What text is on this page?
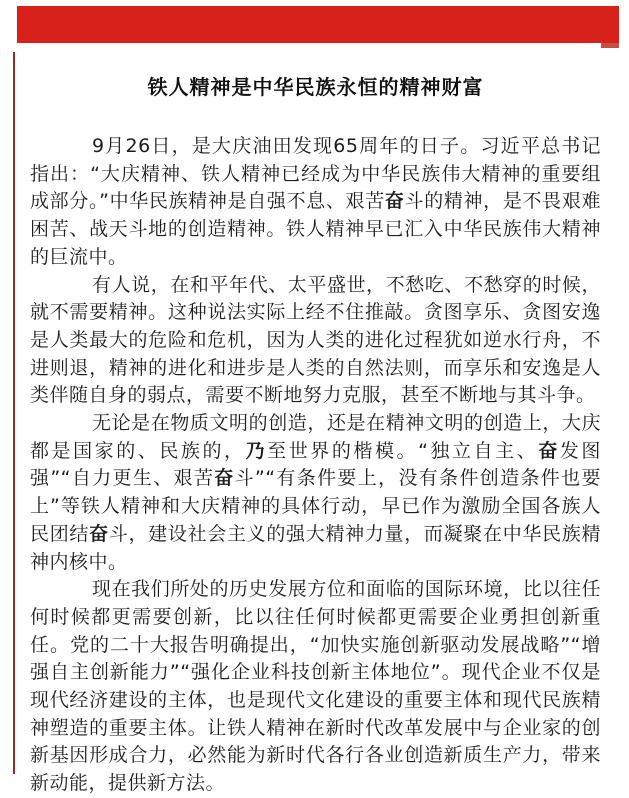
铁人精神是中华民族永恒的精神财富

9月26日，是大庆油田发现65周年的日子。习近平总书记指出：“大庆精神、铁人精神已经成为中华民族伟大精神的重要组成部分。”中华民族精神是自强不息、艰苦奋斗的精神，是不畏艰难困苦、战天斗地的创造精神。铁人精神早已汇入中华民族伟大精神的巨流中。

有人说，在和平年代、太平盛世，不愁吃、不愁穿的时候，就不需要精神。这种说法实际上经不住推敲。贪图享乐、贪图安逸是人类最大的危险和危机，因为人类的进化过程犹如逆水行舟，不进则退，精神的进化和进步是人类的自然法则，而享乐和安逸是人类伴随自身的弱点，需要不断地努力克服，甚至不断地与其斗争。

无论是在物质文明的创造，还是在精神文明的创造上，大庆都是国家的、民族的，乃至世界的楷模。“独立自主、奋发图强”“自力更生、艰苦奋斗”“有条件要上，没有条件创造条件也要上”等铁人精神和大庆精神的具体行动，早已作为激励全国各族人民团结奋斗，建设社会主义的强大精神力量，而凝聚在中华民族精神内核中。

现在我们所处的历史发展方位和面临的国际环境，比以往任何时候都更需要创新，比以往任何时候都更需要企业勇担创新重任。党的二十大报告明确提出，“加快实施创新驱动发展战略”“增强自主创新能力”“强化企业科技创新主体地位”。现代企业不仅是现代经济建设的主体，也是现代文化建设的重要主体和现代民族精神塑造的重要主体。让铁人精神在新时代改革发展中与企业家的创新基因形成合力，必然能为新时代各行各业创造新质生产力，带来新动能，提供新方法。
